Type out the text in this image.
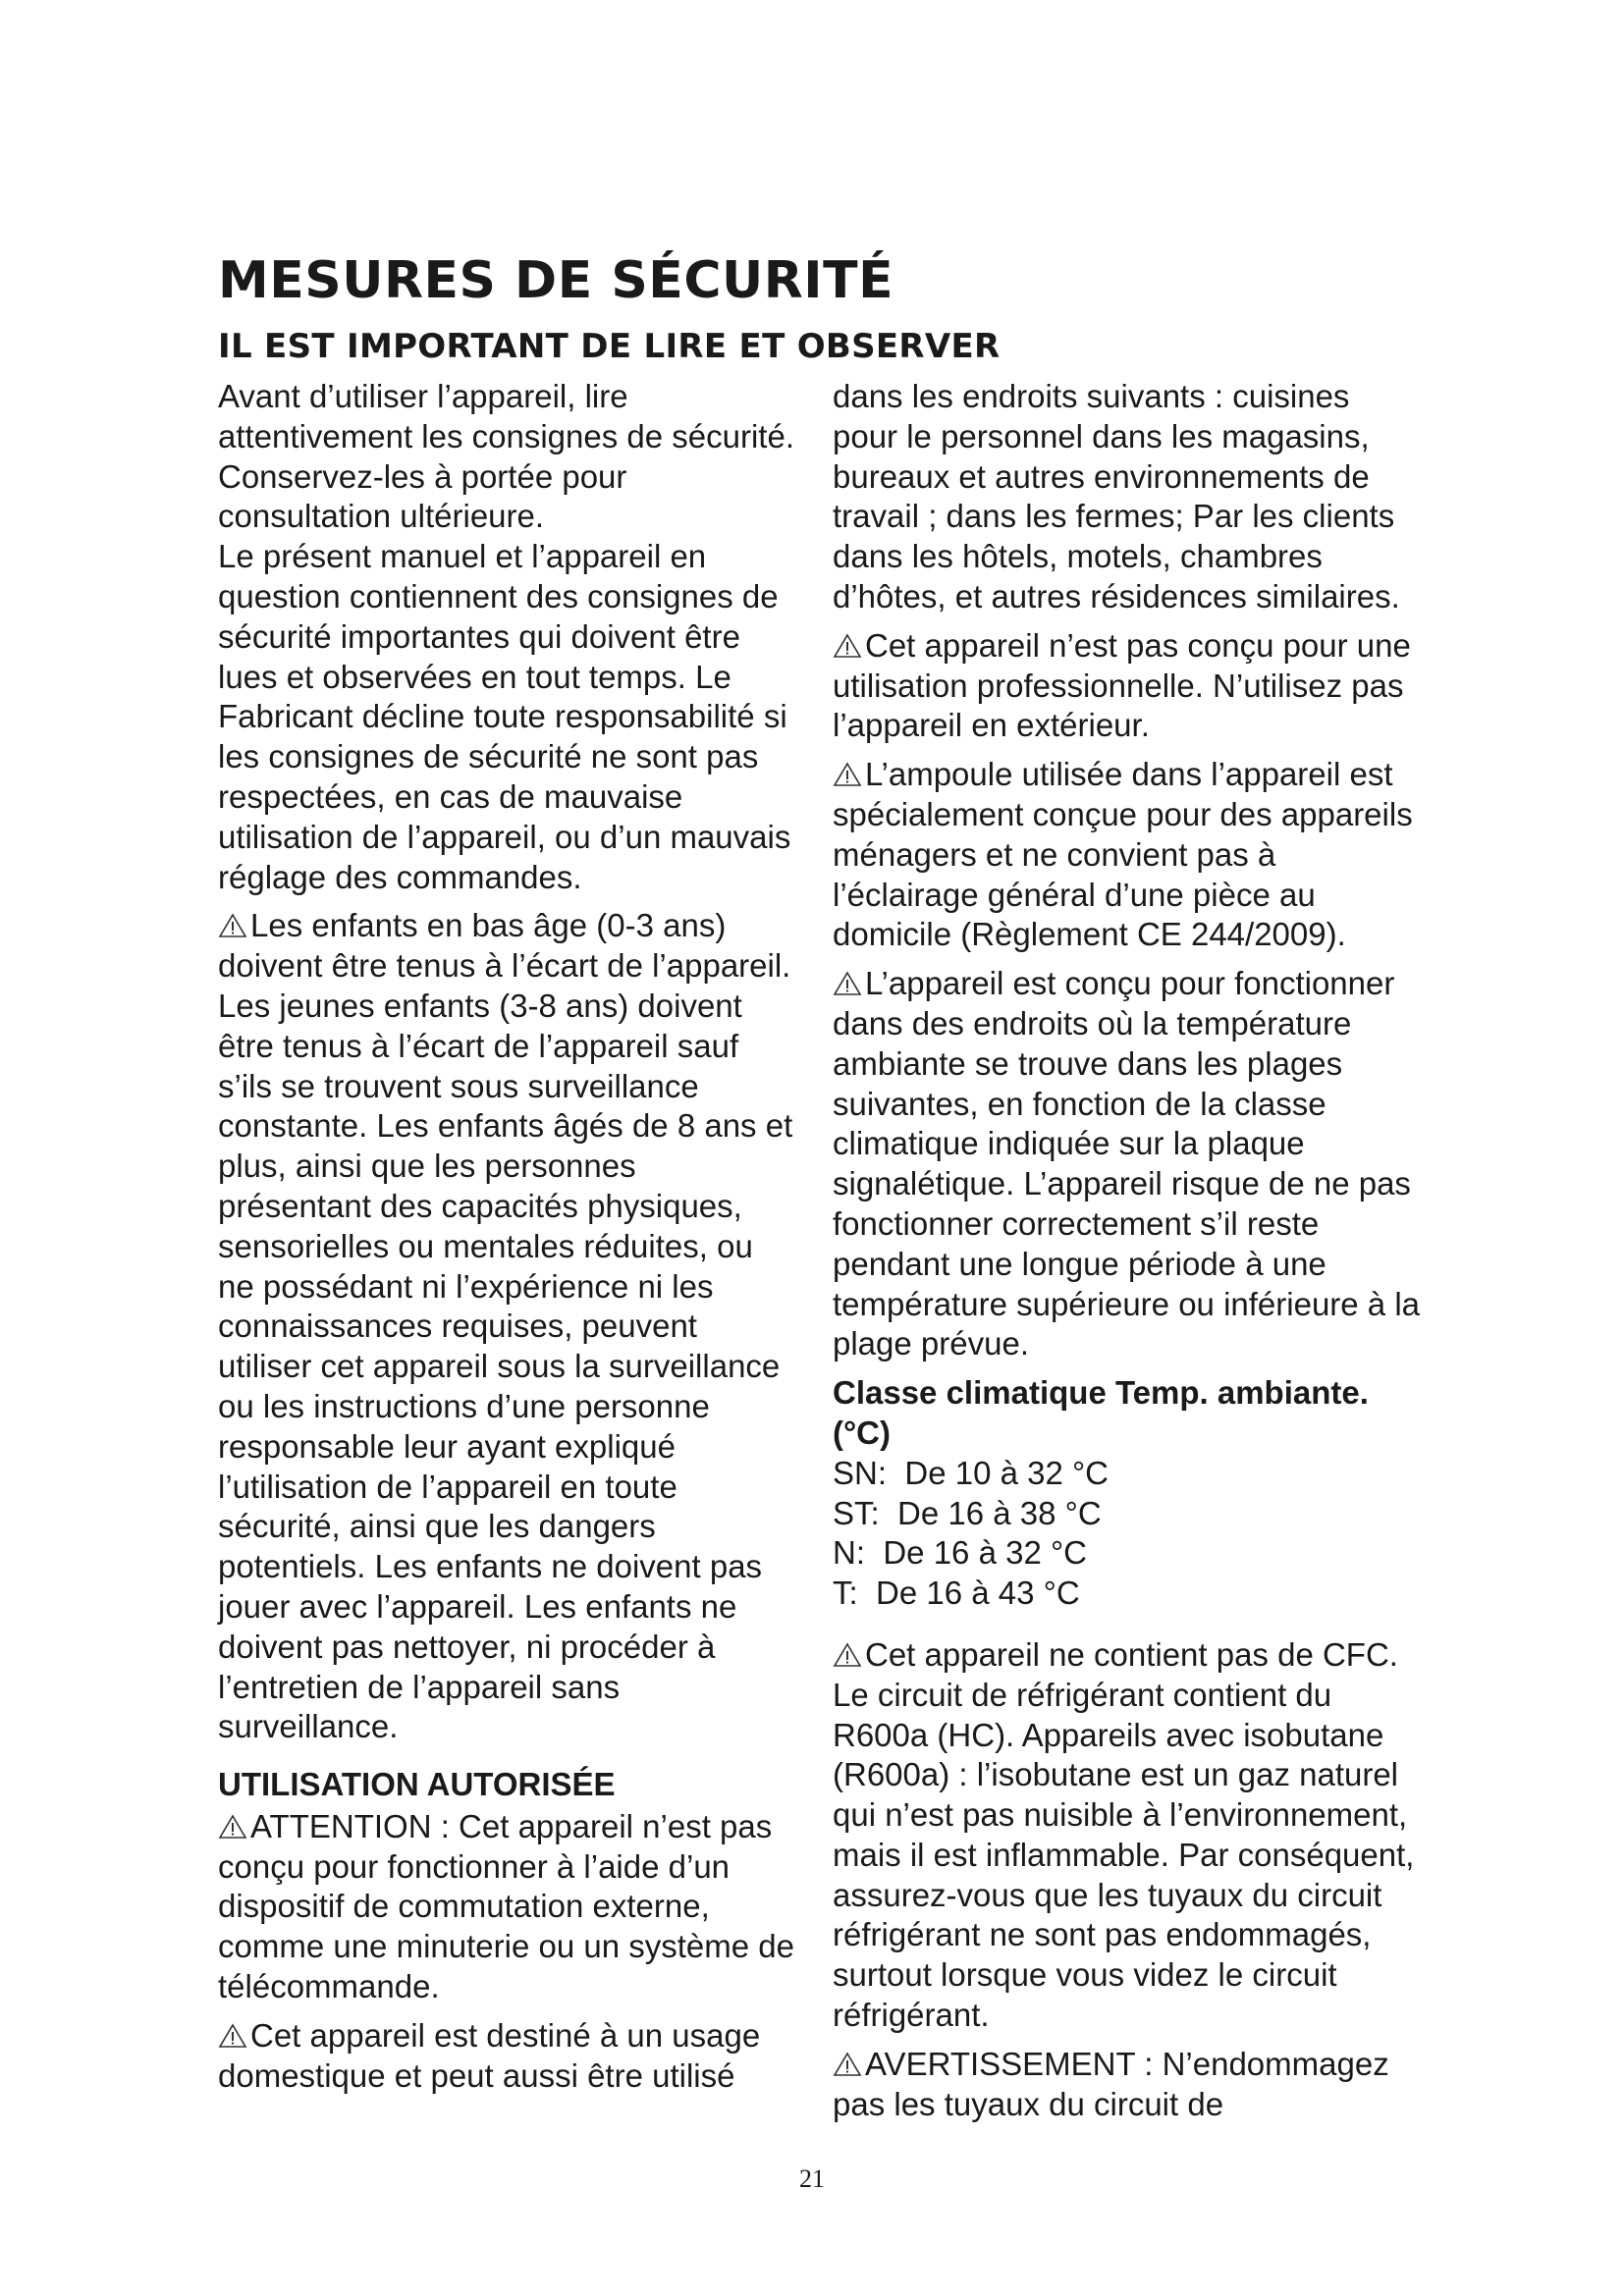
MESURES DE SÉCURITÉ
IL EST IMPORTANT DE LIRE ET OBSERVER

Avant d’utiliser l’appareil, lire attentivement les consignes de sécurité. Conservez-les à portée pour consultation ultérieure.

Le présent manuel et l’appareil en question contiennent des consignes de sécurité importantes qui doivent être lues et observées en tout temps. Le Fabricant décline toute responsabilité si les consignes de sécurité ne sont pas respectées, en cas de mauvaise utilisation de l’appareil, ou d’un mauvais réglage des commandes.

Les enfants en bas âge (0-3 ans) doivent être tenus à l’écart de l’appareil. Les jeunes enfants (3-8 ans) doivent être tenus à l’écart de l’appareil sauf s’ils se trouvent sous surveillance constante. Les enfants âgés de 8 ans et plus, ainsi que les personnes présentant des capacités physiques, sensorielles ou mentales réduites, ou ne possédant ni l’expérience ni les connaissances requises, peuvent utiliser cet appareil sous la surveillance ou les instructions d’une personne responsable leur ayant expliqué l’utilisation de l’appareil en toute sécurité, ainsi que les dangers potentiels. Les enfants ne doivent pas jouer avec l’appareil. Les enfants ne doivent pas nettoyer, ni procéder à l’entretien de l’appareil sans surveillance.

UTILISATION AUTORISÉE

ATTENTION : Cet appareil n’est pas conçu pour fonctionner à l’aide d’un dispositif de commutation externe, comme une minuterie ou un système de télécommande.

Cet appareil est destiné à un usage domestique et peut aussi être utilisé

dans les endroits suivants : cuisines pour le personnel dans les magasins, bureaux et autres environnements de travail ; dans les fermes; Par les clients dans les hôtels, motels, chambres d’hôtes, et autres résidences similaires.

Cet appareil n’est pas conçu pour une utilisation professionnelle. N’utilisez pas l’appareil en extérieur.

L’ampoule utilisée dans l’appareil est spécialement conçue pour des appareils ménagers et ne convient pas à l’éclairage général d’une pièce au domicile (Règlement CE 244/2009).

L’appareil est conçu pour fonctionner dans des endroits où la température ambiante se trouve dans les plages suivantes, en fonction de la classe climatique indiquée sur la plaque signalétique. L’appareil risque de ne pas fonctionner correctement s’il reste pendant une longue période à une température supérieure ou inférieure à la plage prévue.

Classe climatique Temp. ambiante. (°C)

SN: De 10 à 32 °C
ST: De 16 à 38 °C
N: De 16 à 32 °C
T: De 16 à 43 °C

Cet appareil ne contient pas de CFC. Le circuit de réfrigérant contient du R600a (HC). Appareils avec isobutane (R600a) : l’isobutane est un gaz naturel qui n’est pas nuisible à l’environnement, mais il est inflammable. Par conséquent, assurez-vous que les tuyaux du circuit réfrigérant ne sont pas endommagés, surtout lorsque vous videz le circuit réfrigérant.

AVERTISSEMENT : N’endommagez pas les tuyaux du circuit de

21
